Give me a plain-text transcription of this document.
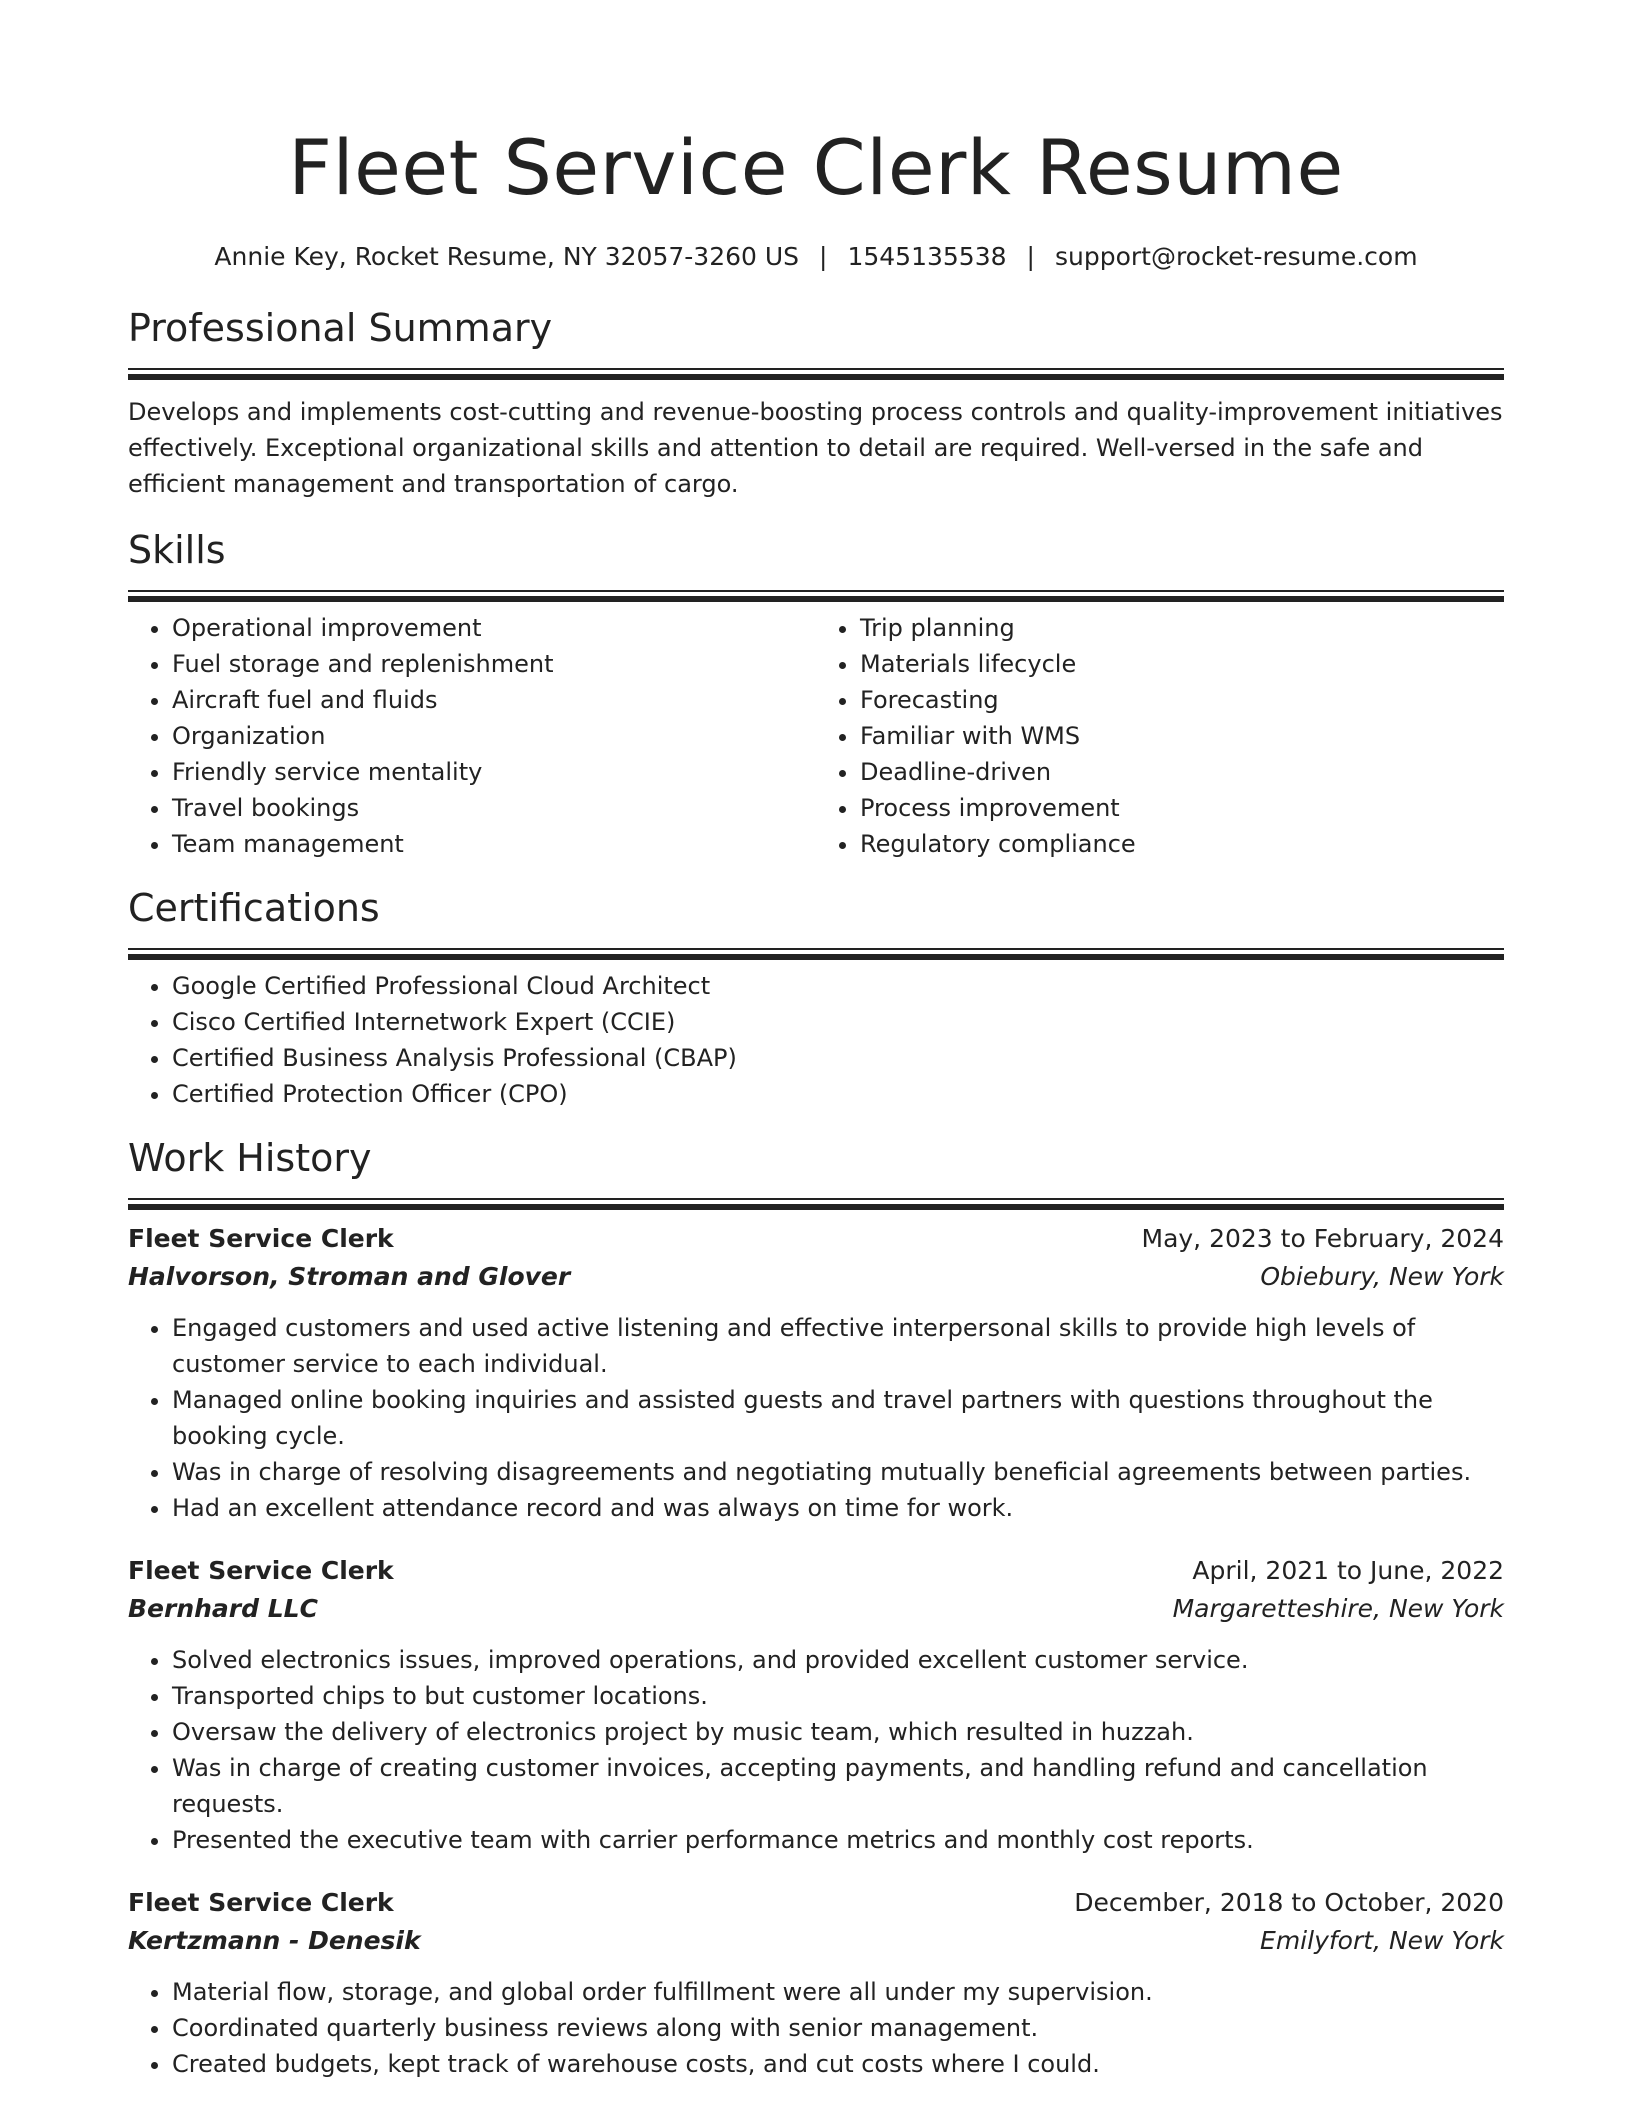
Fleet Service Clerk Resume
Annie Key, Rocket Resume, NY 32057-3260 US | 1545135538 | support@rocket-resume.com
Professional Summary

Develops and implements cost-cutting and revenue-boosting process controls and quality-improvement initiatives effectively. Exceptional organizational skills and attention to detail are required. Well-versed in the safe and efficient management and transportation of cargo.

Skills
• Operational improvement
• Fuel storage and replenishment
• Aircraft fuel and fluids
• Organization
• Friendly service mentality
• Travel bookings
• Team management
• Trip planning
• Materials lifecycle
• Forecasting
• Familiar with WMS
• Deadline-driven
• Process improvement
• Regulatory compliance
Certifications
• Google Certified Professional Cloud Architect
• Cisco Certified Internetwork Expert (CCIE)
• Certified Business Analysis Professional (CBAP)
• Certified Protection Officer (CPO)
Work History
Fleet Service Clerk	May, 2023 to February, 2024
Halvorson, Stroman and Glover	Obiebury, New York
• Engaged customers and used active listening and effective interpersonal skills to provide high levels of customer service to each individual.
• Managed online booking inquiries and assisted guests and travel partners with questions throughout the booking cycle.
• Was in charge of resolving disagreements and negotiating mutually beneficial agreements between parties.
• Had an excellent attendance record and was always on time for work.
Fleet Service Clerk	April, 2021 to June, 2022
Bernhard LLC	Margaretteshire, New York
• Solved electronics issues, improved operations, and provided excellent customer service.
• Transported chips to but customer locations.
• Oversaw the delivery of electronics project by music team, which resulted in huzzah.
• Was in charge of creating customer invoices, accepting payments, and handling refund and cancellation requests.
• Presented the executive team with carrier performance metrics and monthly cost reports.
Fleet Service Clerk	December, 2018 to October, 2020
Kertzmann - Denesik	Emilyfort, New York
• Material flow, storage, and global order fulfillment were all under my supervision.
• Coordinated quarterly business reviews along with senior management.
• Created budgets, kept track of warehouse costs, and cut costs where I could.
